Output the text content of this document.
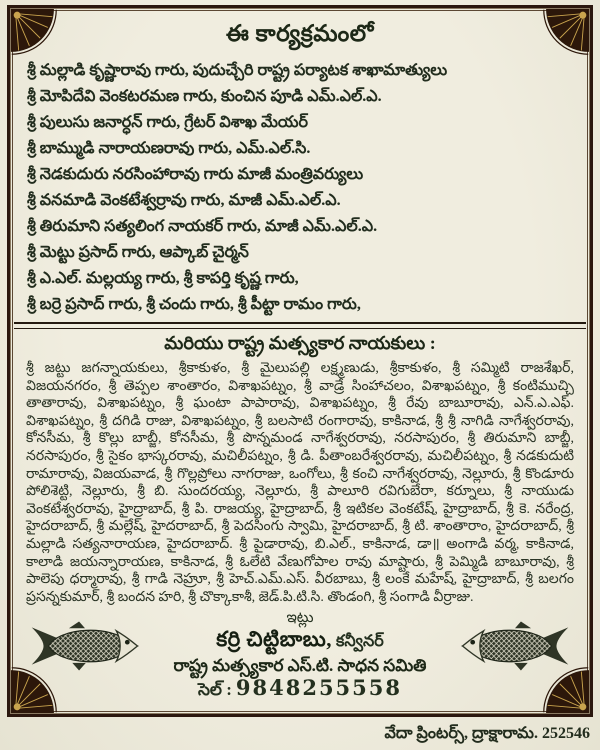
ఈ కార్యక్రమంలో
శ్రీ మల్లాడి కృష్ణారావు గారు, పుదుచ్చేరి రాష్ట్ర పర్యాటక శాఖామాత్యులు
శ్రీ మోపిదేవి వెంకటరమణ గారు, కుంచిన పూడి ఎమ్.ఎల్.ఎ.
శ్రీ పులుసు జనార్ధన్ గారు, గ్రేటర్ విశాఖ మేయర్
శ్రీ బామ్ముడి నారాయణరావు గారు, ఎమ్.ఎల్.సి.
శ్రీ నెడకుదురు నరసింహారావు గారు మాజీ మంత్రివర్యులు
శ్రీ వనమాడి వెంకటేశ్వర్రావు గారు, మాజీ ఎమ్.ఎల్.ఎ.
శ్రీ తిరుమాని సత్యలింగ నాయకర్ గారు, మాజీ ఎమ్.ఎల్.ఎ.
శ్రీ మెట్టు ప్రసాద్ గారు, ఆప్కాబ్ చైర్మన్
శ్రీ ఎ.ఎల్. మల్లయ్య గారు, శ్రీ కాపర్తి కృష్ణ గారు,
శ్రీ బర్రె ప్రసాద్ గారు, శ్రీ చందు గారు, శ్రీ పీట్టా రామం గారు,
మరియు రాష్ట్ర మత్స్యకార నాయకులు :

శ్రీ జట్టు జగన్నాయకులు, శ్రీకాకుళం, శ్రీ మైలుపల్లి లక్ష్మణుడు, శ్రీకాకుళం, శ్రీ సమ్మిటి రాజశేఖర్, విజయనగరం, శ్రీ తెప్పల శాంతారం, విశాఖపట్నం, శ్రీ వాడ్రే సింహాచలం, విశాఖపట్నం, శ్రీ కంటిముచ్చి తాతారావు, విశాఖపట్నం, శ్రీ ఘంటా పాపారావు, విశాఖపట్నం, శ్రీ రేవు బాబూరావు, ఎన్.ఎ.ఎఫ్. విశాఖపట్నం, శ్రీ దగిడి రాజు, విశాఖపట్నం, శ్రీ బలసాటి రంగారావు, కాకినాడ, శ్రీ శ్రీ నాగిడి నాగేశ్వరరావు, కోనసీమ, శ్రీ కొల్లు బాబ్జీ, కోనసీమ, శ్రీ పొన్నమండ నాగేశ్వరరావు, నరసాపురం, శ్రీ తిరుమాని బాబ్జీ, నరసాపురం, శ్రీ సైకం భాస్కరరావు, మచిలీపట్నం, శ్రీ డి. పీతాంబరేశ్వరరావు, మచిలీపట్నం, శ్రీ నడకుదుటి రామారావు, విజయవాడ, శ్రీ గొల్లప్రోలు నాగరాజు, ఒంగోలు, శ్రీ కంచి నాగేశ్వరరావు, నెల్లూరు, శ్రీ కొండూరు పోలిశెట్టి, నెల్లూరు, శ్రీ బి. సుందరయ్య, నెల్లూరు, శ్రీ పాలూరి రవిగుబేరా, కర్నూలు, శ్రీ నాయుడు వెంకటేశ్వరరావు, హైద్రాబాద్, శ్రీ పి. రాజయ్య, హైద్రాబాద్, శ్రీ ఇటికల వెంకటేష్, హైద్రాబాద్, శ్రీ కె. నరేంద్ర, హైదరాబాద్, శ్రీ మల్లేష్, హైదరాబాద్, శ్రీ పెదసింగు స్వామి, హైదరాబాద్, శ్రీ టి. శాంతారాం, హైదరాబాద్, శ్రీ మల్లాడి సత్యనారాయణ, హైదరాబాద్. శ్రీ పైడారావు, బి.ఎల్., కాకినాడ, డా॥ అంగాడి వర్మ, కాకినాడ, కాలాడి జయన్నారాయణ, కాకినాడ, శ్రీ ఓలేటి వేణుగోపాల రావు మాష్టారు, శ్రీ పెమ్మిడి బాబూరావు, శ్రీ పాలెపు ధర్మారావు, శ్రీ గాడి నెహ్రూ, శ్రీ హెచ్.ఎమ్.ఎస్. వీరబాబు, శ్రీ లంకే మహేష్, హైద్రాబాద్, శ్రీ బలగం ప్రసన్నకుమార్, శ్రీ బందన హరి, శ్రీ చొక్కాకాశీ, జెడ్.పి.టి.సి. తొండంగి, శ్రీ సంగాడి వీర్రాజు.

ఇట్లు
కర్రి చిట్టిబాబు, కన్వీనర్
రాష్ట్ర మత్స్యకార ఎస్.టి. సాధన సమితి
సెల్ : 9848255558
వేదా ప్రింటర్స్, ద్రాక్షారామ. 252546
